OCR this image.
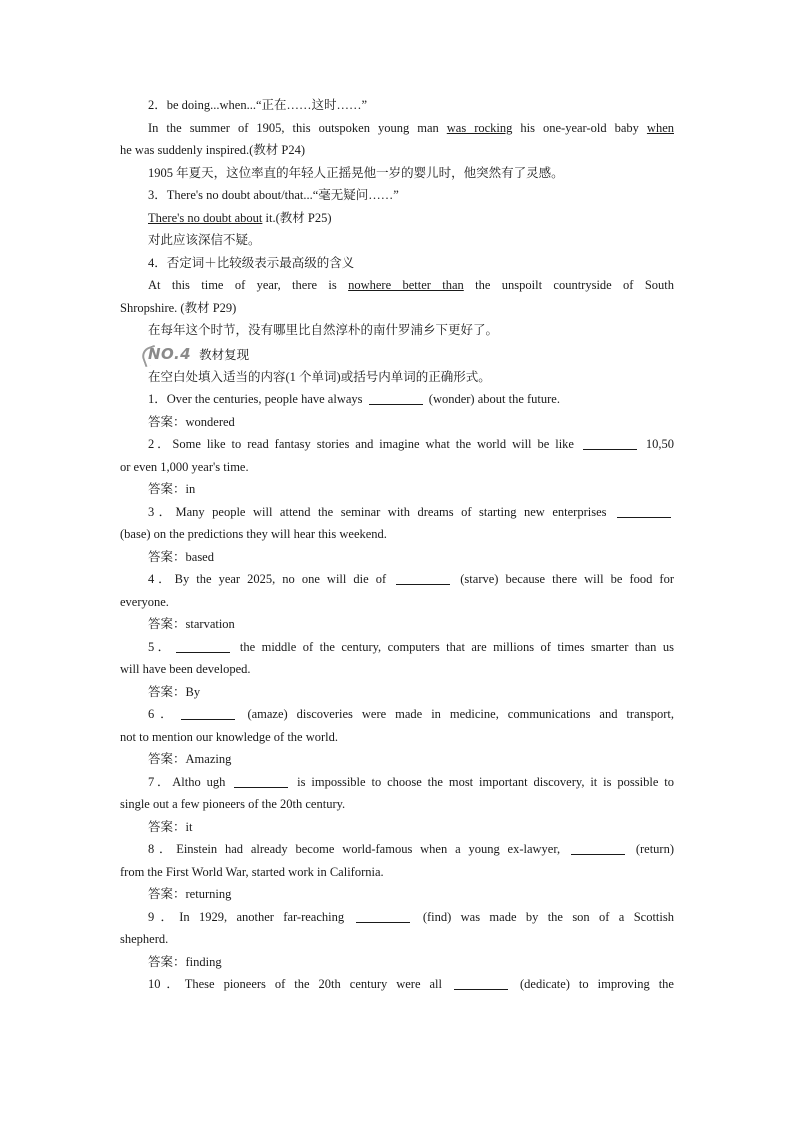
2．be doing...when...“正在……这时……”
In the summer of 1905, this outspoken young man was rocking his one-year-old baby when
he was suddenly inspired.(教材 P24)
1905 年夏天，这位率直的年轻人正摇晃他一岁的婴儿时，他突然有了灵感。
3．There's no doubt about/that...“毫无疑问……”
There's no doubt about it.(教材 P25)
对此应该深信不疑。
4．否定词＋比较级表示最高级的含义
At this time of year, there is nowhere better than the unspoilt countryside of South
Shropshire. (教材 P29)
在每年这个时节，没有哪里比自然淳朴的南什罗浦乡下更好了。
NO.4 教材复现
在空白处填入适当的内容(1 个单词)或括号内单词的正确形式。
1．Over the centuries, people have always	(wonder) about the future.
答案：wondered
2．Some like to read fantasy stories and imagine what the world will be like	10,50
or even 1,000 year's time.
答案：in
3．Many people will attend the seminar with dreams of starting new enterprises
(base) on the predictions they will hear this weekend.
答案：based
4．By the year 2025, no one will die of	(starve) because there will be food for
everyone.
答案：starvation
5．	the middle of the century, computers that are millions of times smarter than us
will have been developed.
答案：By
6．	(amaze) discoveries were made in medicine, communications and transport,
not to mention our knowledge of the world.
答案：Amazing
7．Altho ugh	is impossible to choose the most important discovery, it is possible to
single out a few pioneers of the 20th century.
答案：it
8．Einstein had already become world-famous when a young ex-lawyer,	(return)
from the First World War, started work in California.
答案：returning
9．In 1929, another far-reaching	(find) was made by the son of a Scottish
shepherd.
答案：finding
10．These pioneers of the 20th century were all	(dedicate) to improving the
